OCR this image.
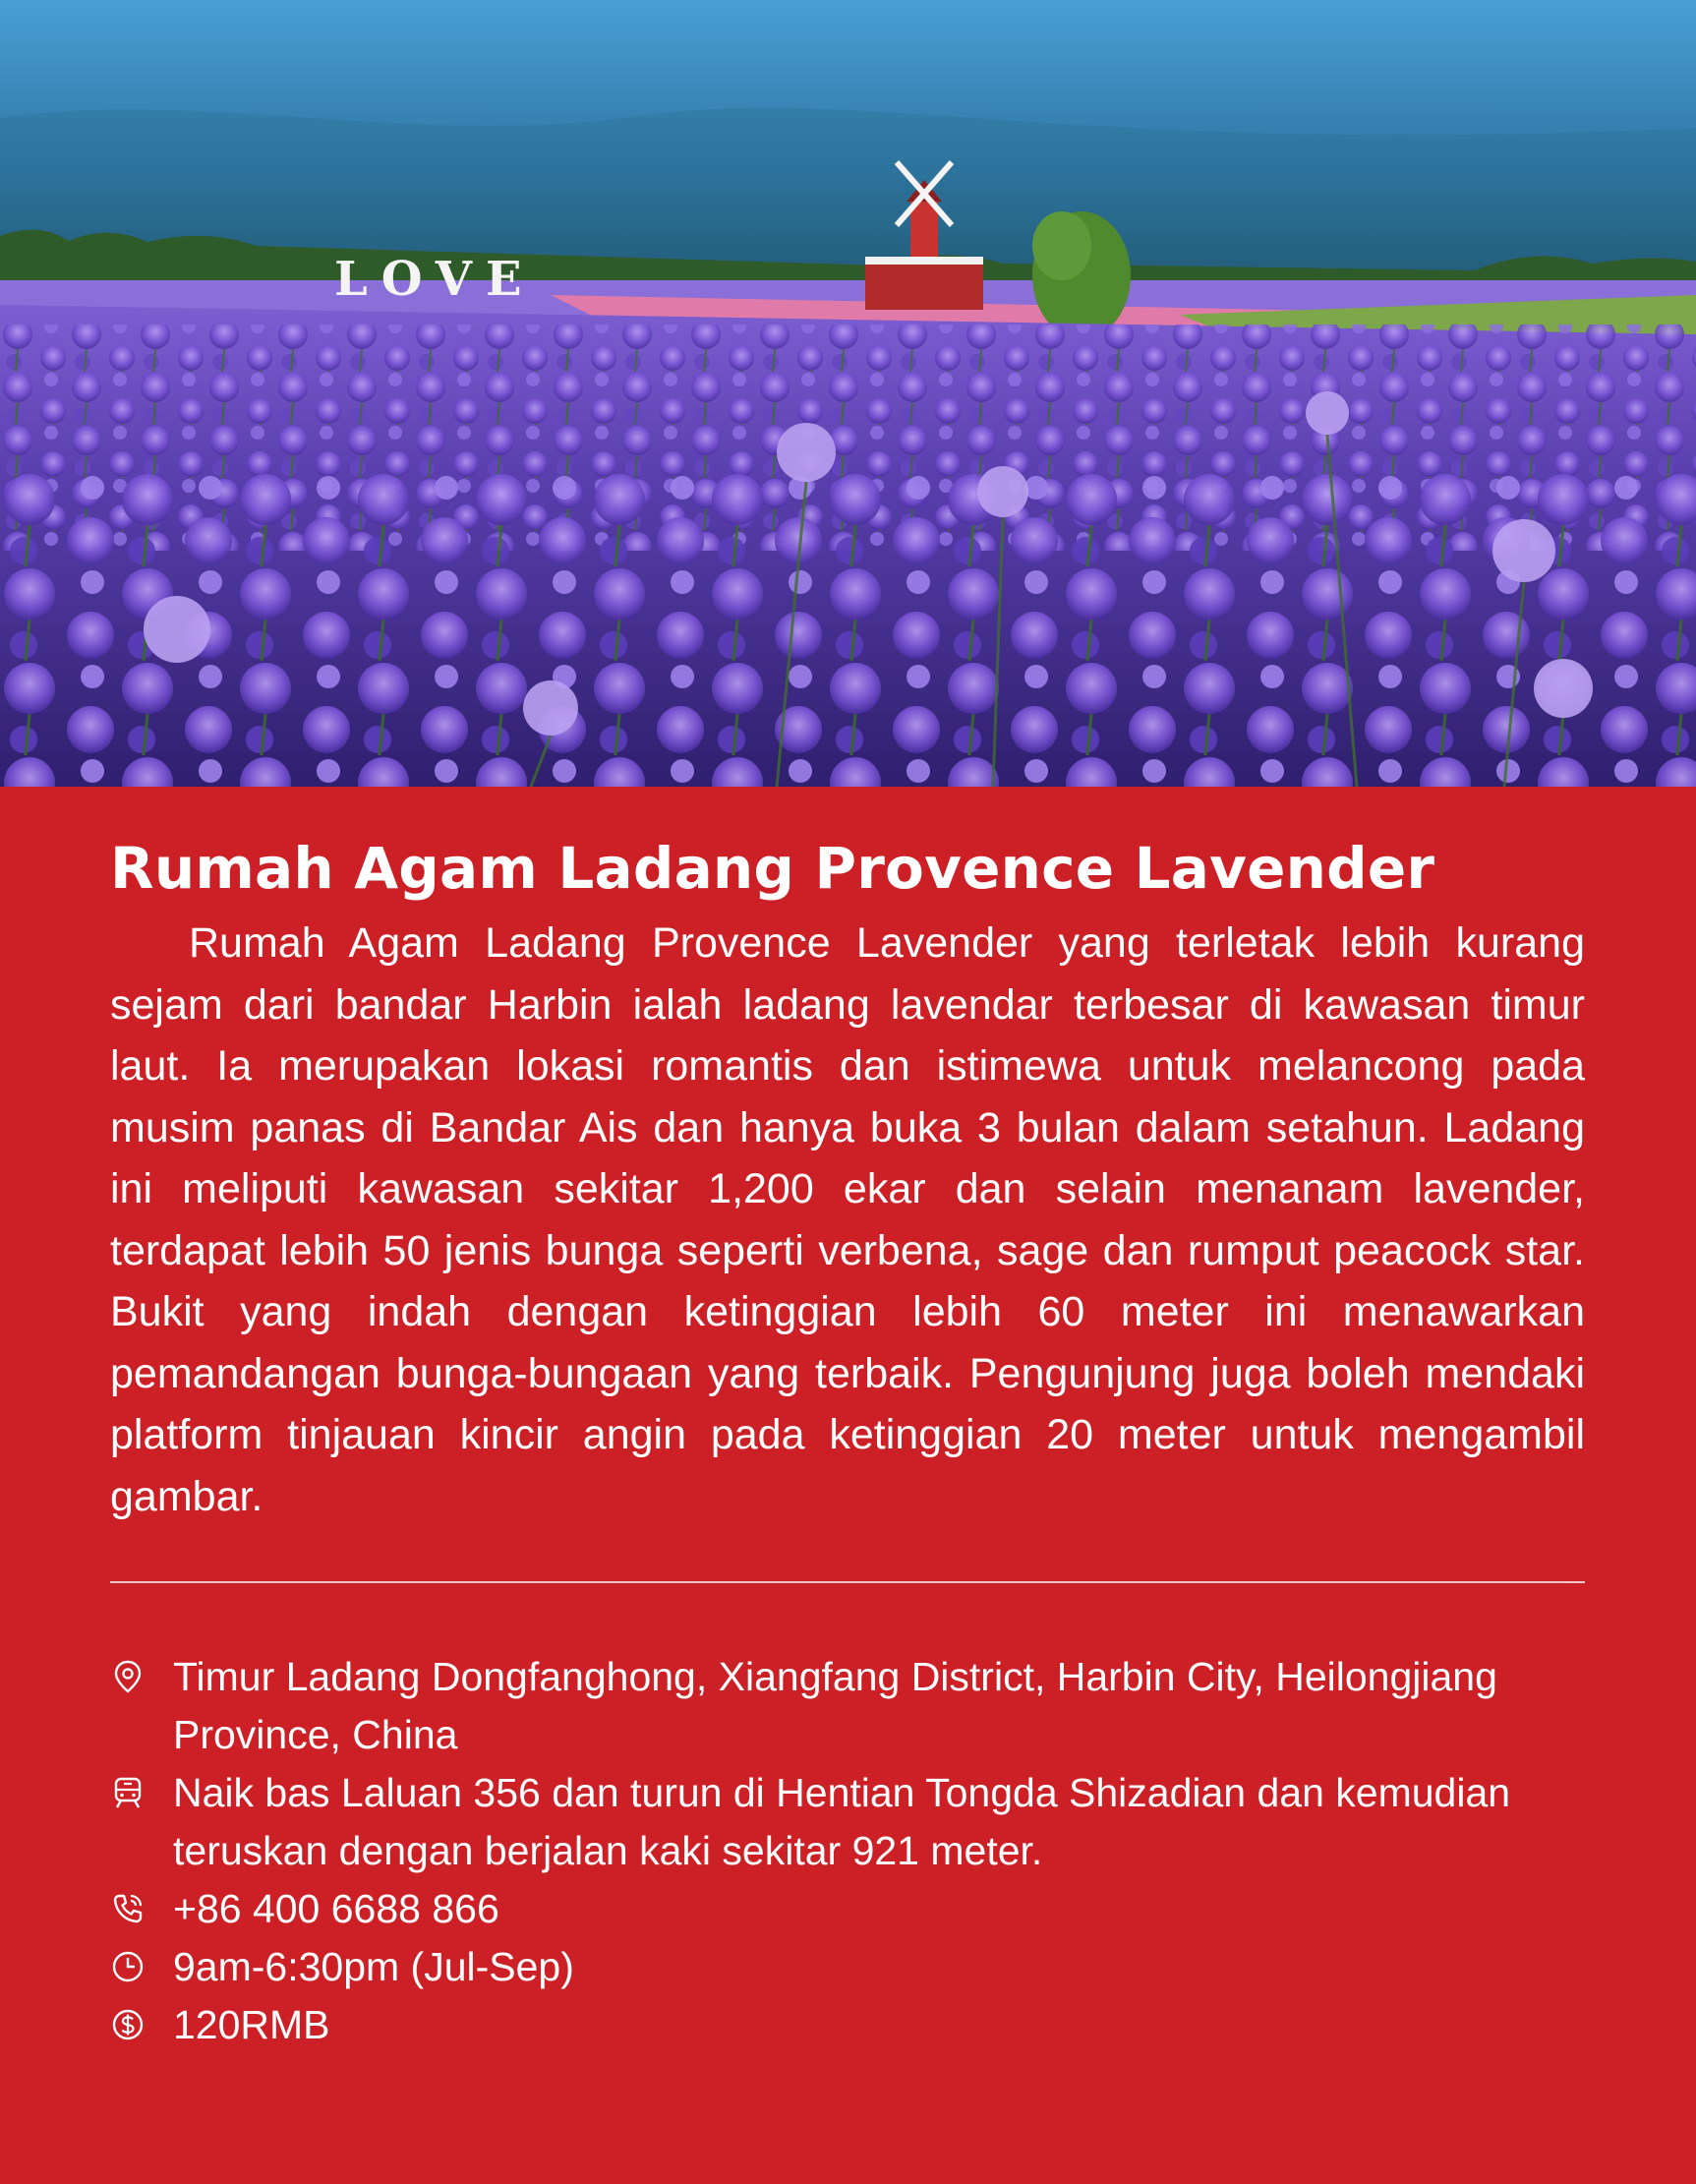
LOVE
Rumah Agam Ladang Provence Lavender

Rumah Agam Ladang Provence Lavender yang terletak lebih kurang sejam dari bandar Harbin ialah ladang lavendar terbesar di kawasan timur laut. Ia merupakan lokasi romantis dan istimewa untuk melancong pada musim panas di Bandar Ais dan hanya buka 3 bulan dalam setahun. Ladang ini meliputi kawasan sekitar 1,200 ekar dan selain menanam lavender, terdapat lebih 50 jenis bunga seperti verbena, sage dan rumput peacock star. Bukit yang indah dengan ketinggian lebih 60 meter ini menawarkan pemandangan bunga-bungaan yang terbaik. Pengunjung juga boleh mendaki platform tinjauan kincir angin pada ketinggian 20 meter untuk mengambil gambar.

Timur Ladang Dongfanghong, Xiangfang District, Harbin City, Heilongjiang Province, China
Naik bas Laluan 356 dan turun di Hentian Tongda Shizadian dan kemudian teruskan dengan berjalan kaki sekitar 921 meter.
+86 400 6688 866
9am-6:30pm (Jul-Sep)
120RMB
